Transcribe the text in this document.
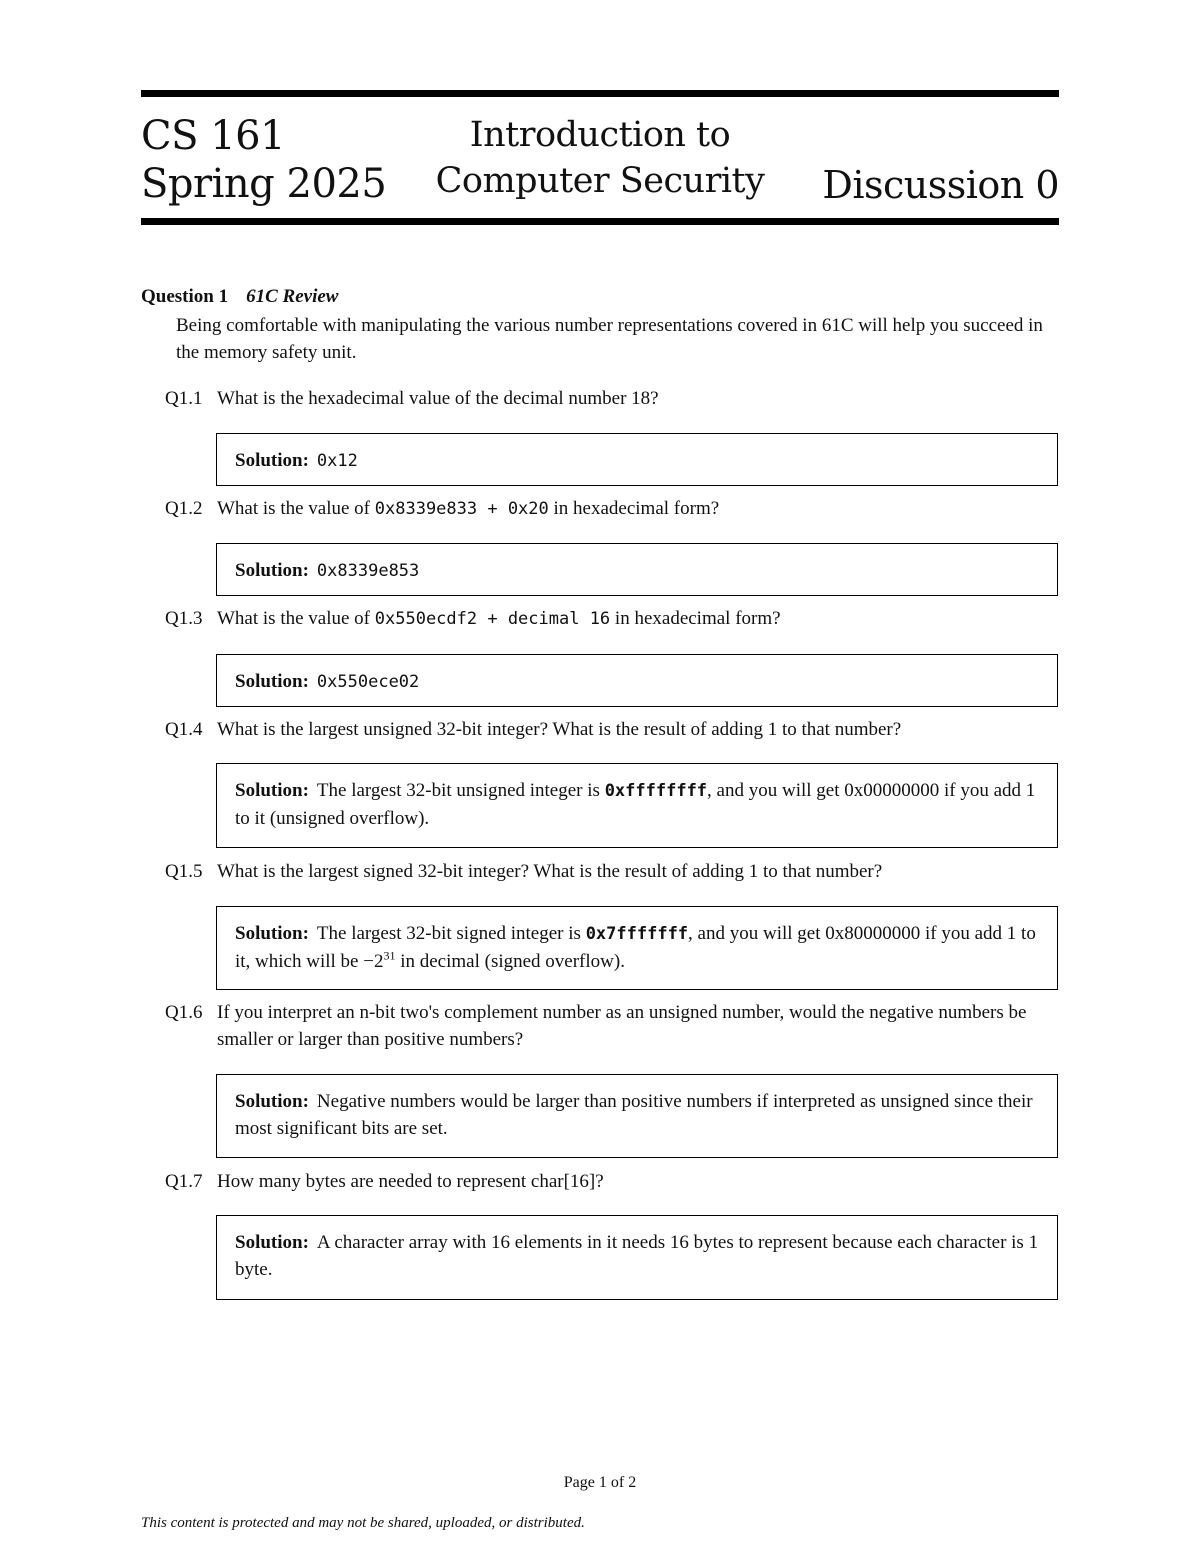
CS 161
Spring 2025
Introduction to
Computer Security	Discussion 0
Question 1 61C Review
Being comfortable with manipulating the various number representations covered in 61C will help you succeed in the memory safety unit.
Q1.1 What is the hexadecimal value of the decimal number 18?
Solution: 0x12
Q1.2 What is the value of 0x8339e833 + 0x20 in hexadecimal form?
Solution: 0x8339e853
Q1.3 What is the value of 0x550ecdf2 + decimal 16 in hexadecimal form?
Solution: 0x550ece02
Q1.4 What is the largest unsigned 32-bit integer? What is the result of adding 1 to that number?
Solution: The largest 32-bit unsigned integer is 0xffffffff, and you will get 0x00000000 if you add 1 to it (unsigned overflow).
Q1.5 What is the largest signed 32-bit integer? What is the result of adding 1 to that number?
Solution: The largest 32-bit signed integer is 0x7fffffff, and you will get 0x80000000 if you add 1 to it, which will be $-2^{31}$ in decimal (signed overflow).
Q1.6 If you interpret an n-bit two's complement number as an unsigned number, would the negative numbers be smaller or larger than positive numbers?
Solution: Negative numbers would be larger than positive numbers if interpreted as unsigned since their most significant bits are set.
Q1.7 How many bytes are needed to represent char[16]?
Solution: A character array with 16 elements in it needs 16 bytes to represent because each character is 1 byte.
Page 1 of 2
This content is protected and may not be shared, uploaded, or distributed.
